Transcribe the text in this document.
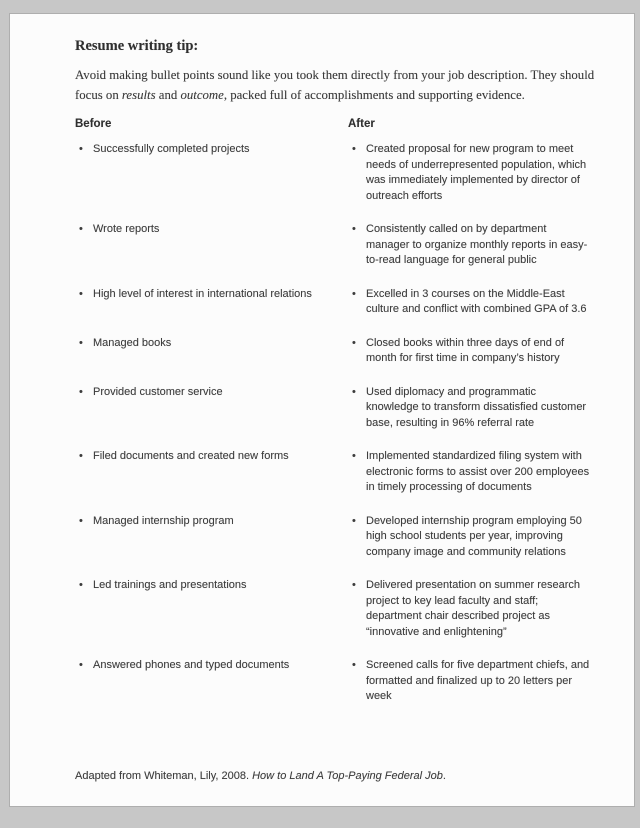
Resume writing tip:

Avoid making bullet points sound like you took them directly from your job description. They should focus on results and outcome, packed full of accomplishments and supporting evidence.

Before	After
• Successfully completed projects	• Created proposal for new program to meet needs of underrepresented population, which was immediately implemented by director of outreach efforts
• Wrote reports	• Consistently called on by department manager to organize monthly reports in easy-to-read language for general public
• High level of interest in international relations	• Excelled in 3 courses on the Middle-East culture and conflict with combined GPA of 3.6
• Managed books	• Closed books within three days of end of month for first time in company’s history
• Provided customer service	• Used diplomacy and programmatic knowledge to transform dissatisfied customer base, resulting in 96% referral rate
• Filed documents and created new forms	• Implemented standardized filing system with electronic forms to assist over 200 employees in timely processing of documents
• Managed internship program	• Developed internship program employing 50 high school students per year, improving company image and community relations
• Led trainings and presentations	• Delivered presentation on summer research project to key lead faculty and staff; department chair described project as “innovative and enlightening”
• Answered phones and typed documents	• Screened calls for five department chiefs, and formatted and finalized up to 20 letters per week

Adapted from Whiteman, Lily, 2008. How to Land A Top-Paying Federal Job.
